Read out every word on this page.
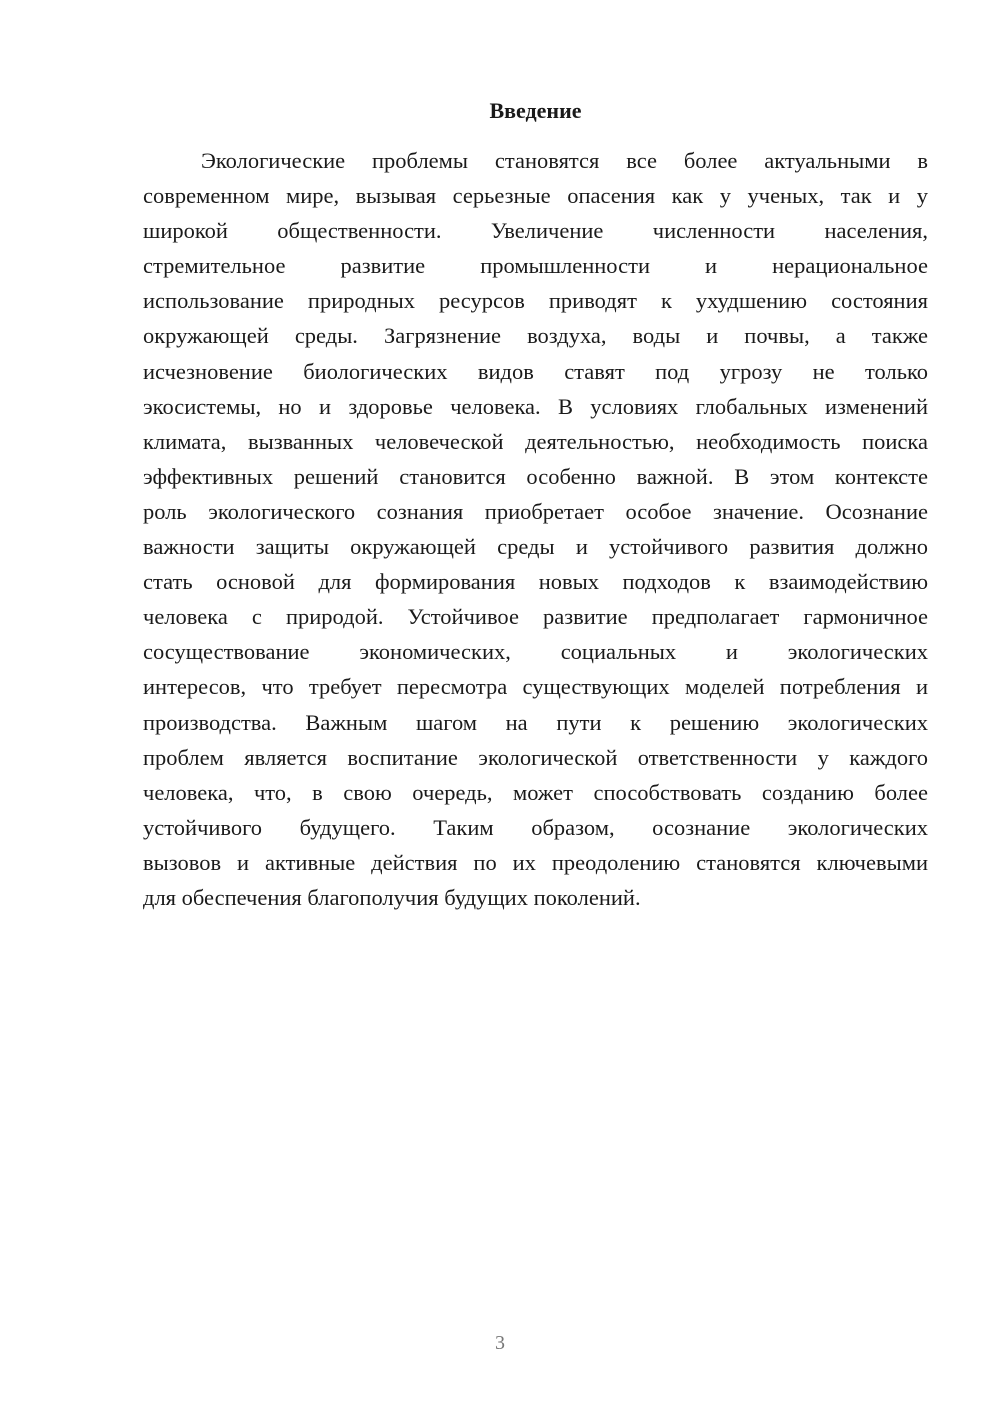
Введение
Экологические проблемы становятся все более актуальными в
современном мире, вызывая серьезные опасения как у ученых, так и у
широкой общественности. Увеличение численности населения,
стремительное развитие промышленности и нерациональное
использование природных ресурсов приводят к ухудшению состояния
окружающей среды. Загрязнение воздуха, воды и почвы, а также
исчезновение биологических видов ставят под угрозу не только
экосистемы, но и здоровье человека. В условиях глобальных изменений
климата, вызванных человеческой деятельностью, необходимость поиска
эффективных решений становится особенно важной. В этом контексте
роль экологического сознания приобретает особое значение. Осознание
важности защиты окружающей среды и устойчивого развития должно
стать основой для формирования новых подходов к взаимодействию
человека с природой. Устойчивое развитие предполагает гармоничное
сосуществование экономических, социальных и экологических
интересов, что требует пересмотра существующих моделей потребления и
производства. Важным шагом на пути к решению экологических
проблем является воспитание экологической ответственности у каждого
человека, что, в свою очередь, может способствовать созданию более
устойчивого будущего. Таким образом, осознание экологических
вызовов и активные действия по их преодолению становятся ключевыми
для обеспечения благополучия будущих поколений.

3
